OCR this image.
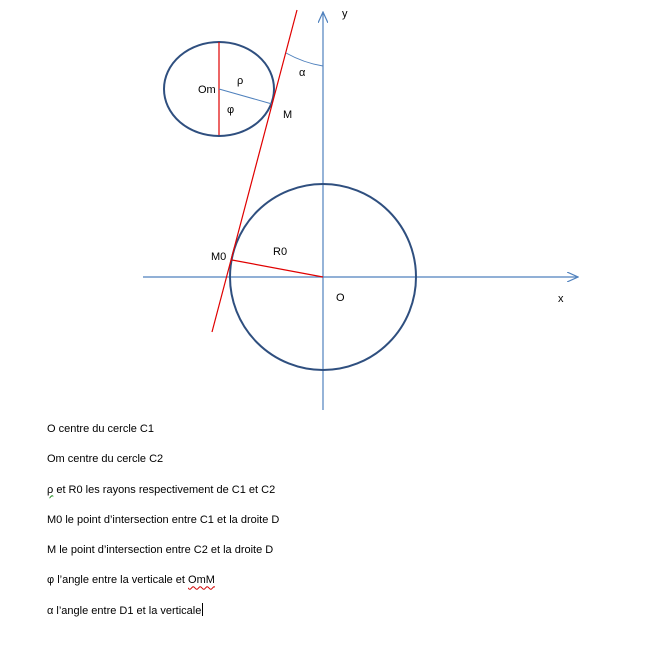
y
x
O
Om
ρ
φ
α
M
M0	R0
O centre du cercle C1
Om centre du cercle C2
ρ et R0 les rayons respectivement de C1 et C2
M0 le point d’intersection entre C1 et la droite D
M le point d’intersection entre C2 et la droite D
φ l’angle entre la verticale et OmM
α l’angle entre D1 et la verticale
